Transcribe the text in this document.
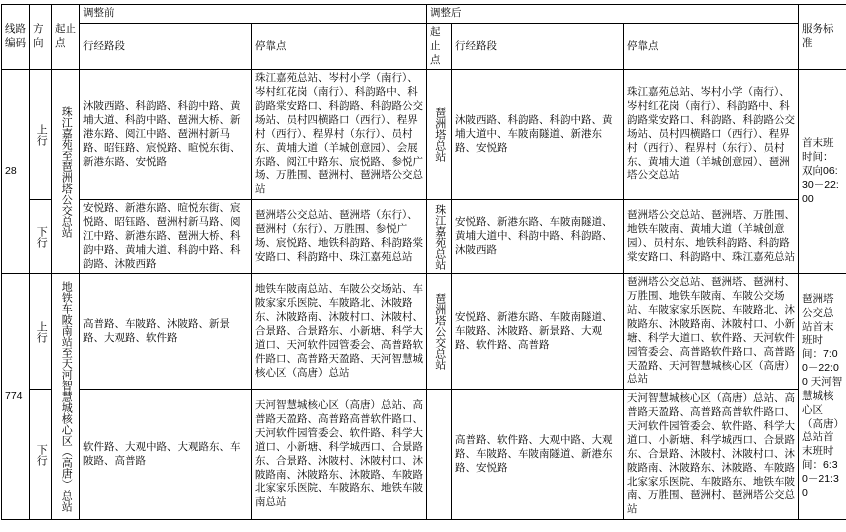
线路编码	方向	起止点	调整前		调整后			服务标准
			行经路段	停靠点	起止点	行经路段	停靠点	
28	上行	珠江嘉苑至琶洲塔公交总站	沐陂西路、科韵路、科韵中路、黄埔大道、科韵中路、琶洲大桥、新港东路、阅江中路、琶洲村新马路、昭钰路、宸悦路、暄悦东街、新港东路、安悦路	珠江嘉苑总站、岑村小学（南行）、岑村红花岗（南行）、科韵路中、科韵路棠安路口、科韵路、科韵路公交场站、员村四横路口（西行）、程界村（西行）、程界村（东行）、员村东、黄埔大道（羊城创意园）、会展东路、阅江中路东、宸悦路、参悦广场、万胜围、琶洲村、琶洲塔公交总站	琶洲塔总站	沐陂西路、科韵路、科韵中路、黄埔大道中、车陂南隧道、新港东路、安悦路	珠江嘉苑总站、岑村小学（南行）、岑村红花岗（南行）、科韵路中、科韵路棠安路口、科韵路、科韵路公交场站、员村四横路口（西行）、程界村（西行）、程界村（东行）、员村东、黄埔大道（羊城创意园）、琶洲塔公交总站	首末班时间：双向06:30－22:00

	下行		安悦路、新港东路、暄悦东街、宸悦路、昭钰路、琶洲村新马路、阅江中路、新港东路、琶洲大桥、科韵中路、黄埔大道、科韵中路、科韵路、沐陂西路	琶洲塔公交总站、琶洲塔（东行）、琶洲村（东行）、万胜围、参悦广场、宸悦路、地铁科韵路、科韵路棠安路口、科韵路中、珠江嘉苑总站	珠江嘉苑总站	安悦路、新港东路、车陂南隧道、黄埔大道中、科韵中路、科韵路、沐陂西路	琶洲塔公交总站、琶洲塔、万胜围、地铁车陂南、黄埔大道（羊城创意园）、员村东、地铁科韵路、科韵路棠安路口、科韵路中、珠江嘉苑总站	
774	上行	地铁车陂南站至天河智慧城核心区（高唐）总站	高普路、车陂路、沐陂路、新景路、大观路、软件路	地铁车陂南总站、车陂公交场站、车陂家家乐医院、车陂路北、沐陂路东、沐陂路南、沐陂村口、沐陂村、合景路、合景路东、小新塘、科学大道口、天河软件园管委会、高普路软件路口、高普路天盈路、天河智慧城核心区（高唐）总站	琶洲塔公交总站	安悦路、新港东路、车陂南隧道、车陂路、沐陂路、新景路、大观路、软件路、高普路	琶洲塔公交总站、琶洲塔、琶洲村、万胜围、地铁车陂南、车陂公交场站、车陂家家乐医院、车陂路北、沐陂路东、沐陂路南、沐陂村口、小新塘、科学大道口、软件路、天河软件园管委会、高普路软件路口、高普路天盈路、天河智慧城核心区（高唐）总站	琶洲塔公交总站首末班时间：7:00－22:00 天河智慧城核心区（高唐）总站首末班时间：6:30－21:30

	下行		软件路、大观中路、大观路东、车陂路、高普路	天河智慧城核心区（高唐）总站、高普路天盈路、高普路高普软件路口、天河软件园管委会、软件路、科学大道口、小新塘、科学城西口、合景路东、合景路、沐陂村、沐陂村口、沐陂路南、沐陂路东、沐陂路、车陂路北家家乐医院、车陂路东、地铁车陂南总站		高普路、软件路、大观中路、大观路、车陂路、车陂南隧道、新港东路、安悦路	天河智慧城核心区（高唐）总站、高普路天盈路、高普路高普软件路口、天河软件园管委会、软件路、科学大道口、小新塘、科学城西口、合景路东、合景路、沐陂村、沐陂村口、沐陂路南、沐陂路东、沐陂路、车陂路北家家乐医院、车陂路东、地铁车陂南、万胜围、琶洲村、琶洲塔公交总站	
